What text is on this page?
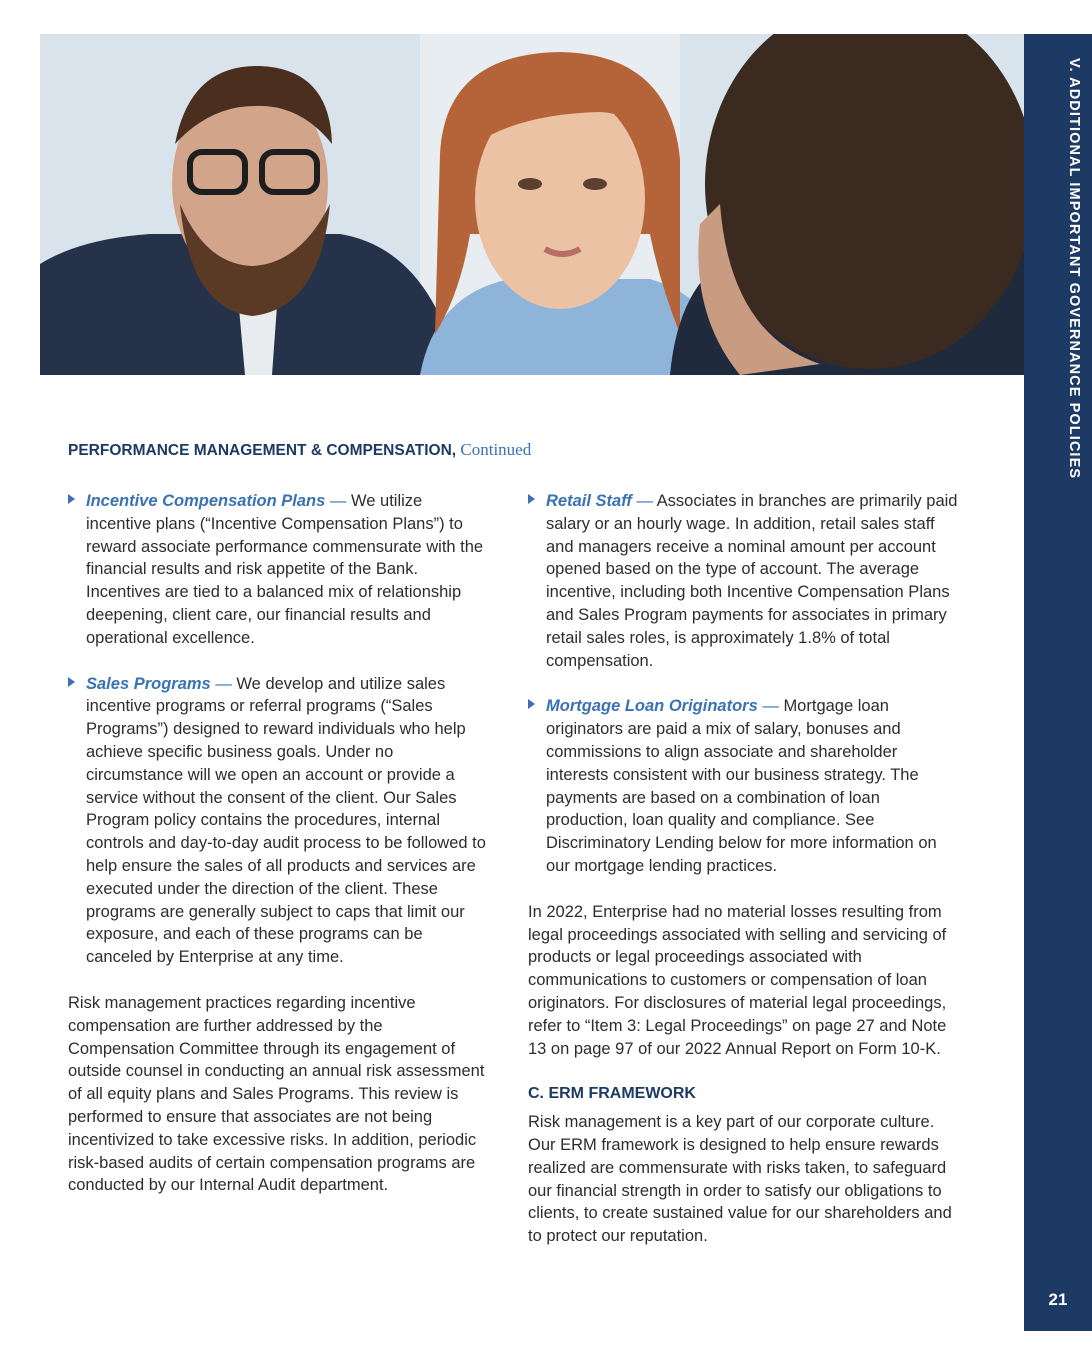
V. ADDITIONAL IMPORTANT GOVERNANCE POLICIES
21
PERFORMANCE MANAGEMENT & COMPENSATION, Continued
Incentive Compensation Plans — We utilize incentive plans (“Incentive Compensation Plans”) to reward associate performance commensurate with the financial results and risk appetite of the Bank. Incentives are tied to a balanced mix of relationship deepening, client care, our financial results and operational excellence.
Sales Programs — We develop and utilize sales incentive programs or referral programs (“Sales Programs”) designed to reward individuals who help achieve specific business goals. Under no circumstance will we open an account or provide a service without the consent of the client. Our Sales Program policy contains the procedures, internal controls and day-to-day audit process to be followed to help ensure the sales of all products and services are executed under the direction of the client. These programs are generally subject to caps that limit our exposure, and each of these programs can be canceled by Enterprise at any time.

Risk management practices regarding incentive compensation are further addressed by the Compensation Committee through its engagement of outside counsel in conducting an annual risk assessment of all equity plans and Sales Programs. This review is performed to ensure that associates are not being incentivized to take excessive risks. In addition, periodic risk-based audits of certain compensation programs are conducted by our Internal Audit department.

Retail Staff — Associates in branches are primarily paid salary or an hourly wage. In addition, retail sales staff and managers receive a nominal amount per account opened based on the type of account. The average incentive, including both Incentive Compensation Plans and Sales Program payments for associates in primary retail sales roles, is approximately 1.8% of total compensation.
Mortgage Loan Originators — Mortgage loan originators are paid a mix of salary, bonuses and commissions to align associate and shareholder interests consistent with our business strategy. The payments are based on a combination of loan production, loan quality and compliance. See Discriminatory Lending below for more information on our mortgage lending practices.

In 2022, Enterprise had no material losses resulting from legal proceedings associated with selling and servicing of products or legal proceedings associated with communications to customers or compensation of loan originators. For disclosures of material legal proceedings, refer to “Item 3: Legal Proceedings” on page 27 and Note 13 on page 97 of our 2022 Annual Report on Form 10-K.

C. ERM FRAMEWORK

Risk management is a key part of our corporate culture. Our ERM framework is designed to help ensure rewards realized are commensurate with risks taken, to safeguard our financial strength in order to satisfy our obligations to clients, to create sustained value for our shareholders and to protect our reputation.
